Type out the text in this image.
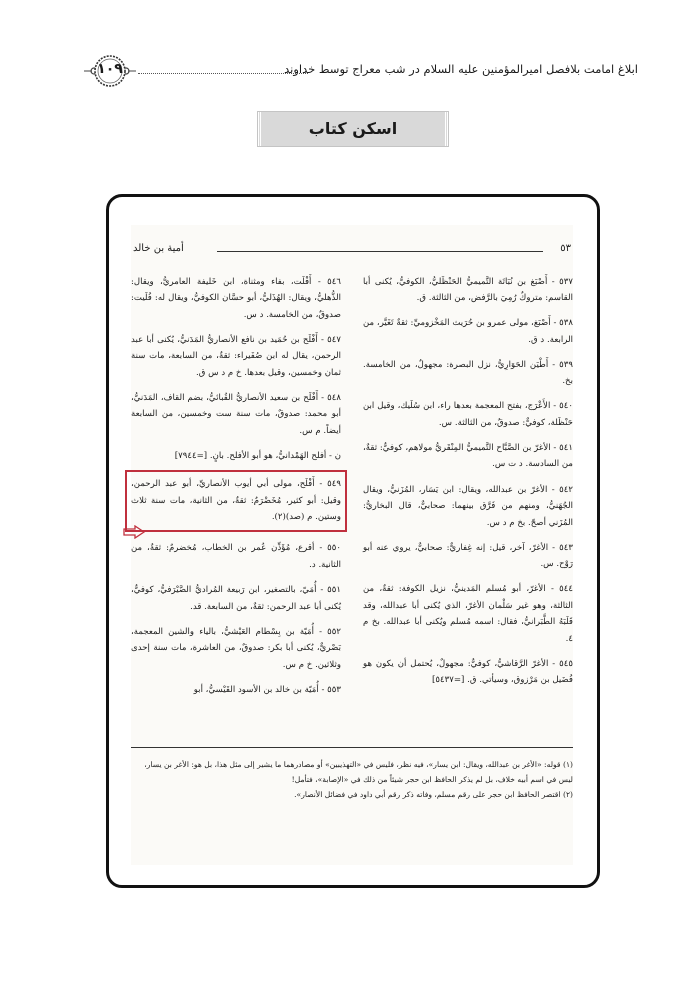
ابلاغ امامت بلافصل امیرالمؤمنین عليه السلام در شب معراج توسط خداوند
۱۰۹
اسکن کتاب
٥٣
أمية بن خالد

٥٣٧ - أَصْبَغ بن نُبَاتَة التَّميميُّ الحَنْظَليُّ، الكوفيُّ، يُكنى أبا القاسم: متروكٌ رُمِيَ بالرَّفض، من الثالثة. ق.

٥٣٨ - أَصْبَغ، مولى عمرو بن حُرَيث المَخْزوميِّ: ثقةٌ تَغَيَّر، من الرابعة. د ق.

٥٣٩ - أَطْيَن الحَوَارِيُّ، نزل البصرة: مجهولٌ، من الخامسة. بخ.

٥٤٠ - الأَعْرَج، بفتح المعجمة بعدها راء، ابن سُلَيك، وقيل ابن حَنْظَلة، كوفيٌّ: صدوقٌ، من الثالثة. س.

٥٤١ - الأغرّ بن الصَّبَّاح التَّميميُّ المِنْقَريُّ مولاهم، كوفيٌّ: ثقةٌ، من السادسة. د ت س.

٥٤٢ - الأغرّ بن عبدالله، ويقال: ابن يَسَار، المُزَنيُّ، ويقال الجُهَنيُّ، ومنهم من فَرَّق بينهما: صحابيٌّ، قال البخاريُّ: المُزَني أصحّ. بخ م د س.

٥٤٣ - الأغرّ، آخر، قيل: إنه غِفاريٌّ: صحابيٌّ، يروي عنه أبو رَوْح. س.

٥٤٤ - الأغرّ، أبو مُسلم المَدينيُّ، نزيل الكوفة: ثقةٌ، من الثالثة، وهو غير سَلْمان الأغرّ، الذي يُكنى أبا عبدالله، وقد قَلَبَهُ الطَّبَرانيُّ، فقال: اسمه مُسلم ويُكنى أبا عبدالله. بخ م ٤.

٥٤٥ - الأغرّ الرَّقاشيُّ، كوفيٌّ: مجهولٌ، يُحتمل أن يكون هو فُضَيل بن مَرْزوق، وسيأتي. ق. [=٥٤٣٧]

٥٤٦ - أَفْلَت، بفاء ومثناة، ابن خَليفة العامريُّ، ويقال: الذُّهليُّ، ويقال: الهُذَليُّ، أبو حسَّان الكوفيُّ، ويقال له: فُلَيت: صدوقٌ، من الخامسة. د س.

٥٤٧ - أَفْلَح بن حُمَيد بن نافع الأنصاريُّ المَدَنيُّ، يُكنى أبا عبد الرحمن، يقال له ابن صُفَيراء: ثقةٌ، من السابعة، مات سنة ثمان وخمسين، وقيل بعدها. خ م د س ق.

٥٤٨ - أَفْلَح بن سعيد الأنصاريُّ القُبائيُّ، بضم القاف، المَدَنيُّ، أبو محمد: صدوقٌ، مات سنة ست وخمسين، من السابعة أيضاً. م س.

ن - أفلح الهَمْدانيُّ، هو أبو الأفلح. بانٍ. [=٧٩٤٤]

٥٤٩ - أَفْلَح، مولى أبي أيوب الأنصاريِّ، أبو عبد الرحمن، وقيل: أبو كثير، مُخَضْرَمٌ: ثقةٌ، من الثانية، مات سنة ثلاث وستين. م (صد)(٢).

٥٥٠ - أقرع، مُؤَذِّن عُمر بن الخطاب، مُخضرمٌ: ثقةٌ، من الثانية. د.

٥٥١ - أُمَيّ، بالتصغير، ابن رَبيعة المُراديُّ الصَّيْرَفيُّ، كوفيٌّ، يُكنى أبا عبد الرحمن: ثقةٌ، من السابعة. قد.

٥٥٢ - أُمَيّة بن بِسْطام العَيْشيُّ، بالياء والشين المعجمة، بَصْريٌّ، يُكنى أبا بكر: صدوقٌ، من العاشرة، مات سنة إحدى وثلاثين. خ م س.

٥٥٣ - أُمَيّة بن خالد بن الأسود القَيْسيُّ، أبو

(١) قوله: «الأغر بن عبدالله، ويقال: ابن يسار»، فيه نظر، فليس في «التهذيبين» أو مصادرهما ما يشير إلى مثل هذا، بل هو: الأغر بن يسار، ليس في اسم أبيه خلاف، بل لم يذكر الحافظ ابن حجر شيئاً من ذلك في «الإصابة»، فتأمل!

(٢) اقتصر الحافظ ابن حجر على رقم مسلم، وفاته ذكر رقم أبي داود في فضائل الأنصار».
